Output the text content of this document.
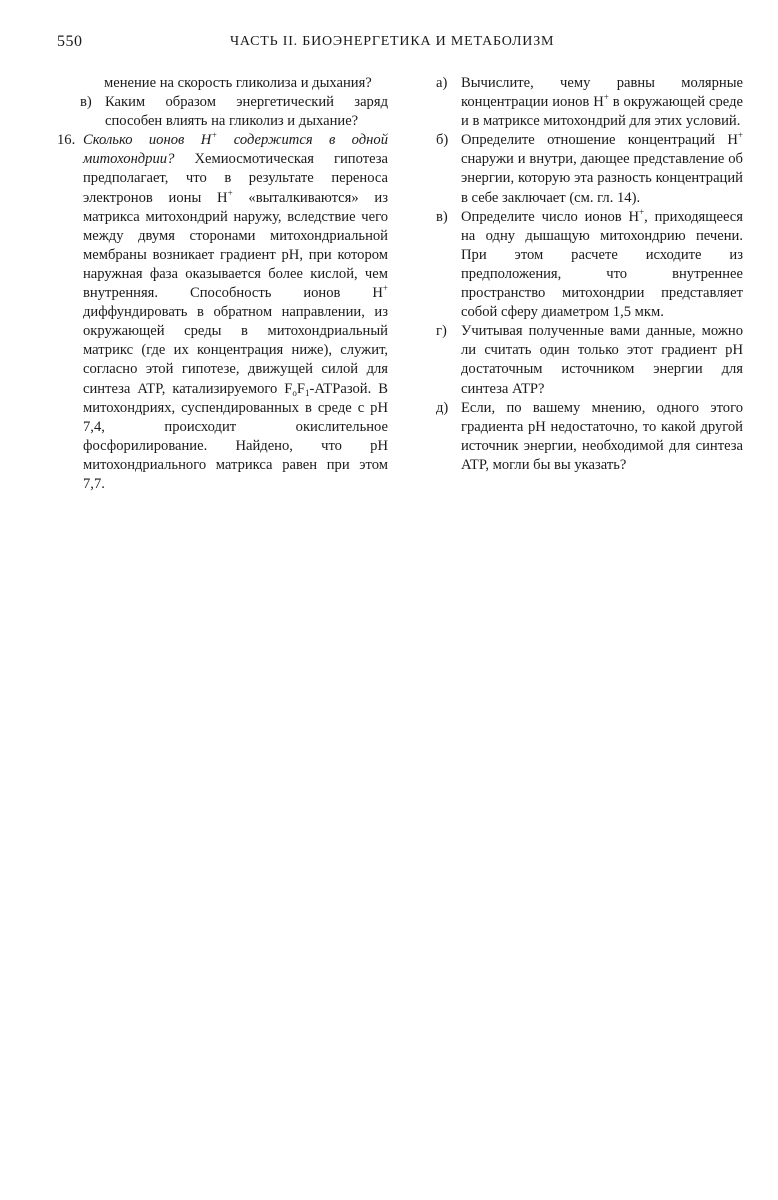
550	ЧАСТЬ II. БИОЭНЕРГЕТИКА И МЕТАБОЛИЗМ
менение на скорость гликолиза и дыхания?
в) Каким образом энергетический заряд способен влиять на гликолиз и дыхание?
16. Сколько ионов H+ содержится в одной митохондрии? Хемиосмотическая гипотеза предполагает, что в результате переноса электронов ионы H+ «выталкиваются» из матрикса митохондрий наружу, вследствие чего между двумя сторонами митохондриальной мембраны возникает градиент pH, при котором наружная фаза оказывается более кислой, чем внутренняя. Способность ионов H+ диффундировать в обратном направлении, из окружающей среды в митохондриальный матрикс (где их концентрация ниже), служит, согласно этой гипотезе, движущей силой для синтеза ATP, катализируемого $F_oF_1$-ATPазой. В митохондриях, суспендированных в среде с pH 7,4, происходит окислительное фосфорилирование. Найдено, что pH митохондриального матрикса равен при этом 7,7.
а) Вычислите, чему равны молярные концентрации ионов H+ в окружающей среде и в матриксе митохондрий для этих условий.
б) Определите отношение концентраций H+ снаружи и внутри, дающее представление об энергии, которую эта разность концентраций в себе заключает (см. гл. 14).
в) Определите число ионов H+, приходящееся на одну дышащую митохондрию печени. При этом расчете исходите из предположения, что внутреннее пространство митохондрии представляет собой сферу диаметром 1,5 мкм.
г) Учитывая полученные вами данные, можно ли считать один только этот градиент pH достаточным источником энергии для синтеза ATP?
д) Если, по вашему мнению, одного этого градиента pH недостаточно, то какой другой источник энергии, необходимой для синтеза ATP, могли бы вы указать?
